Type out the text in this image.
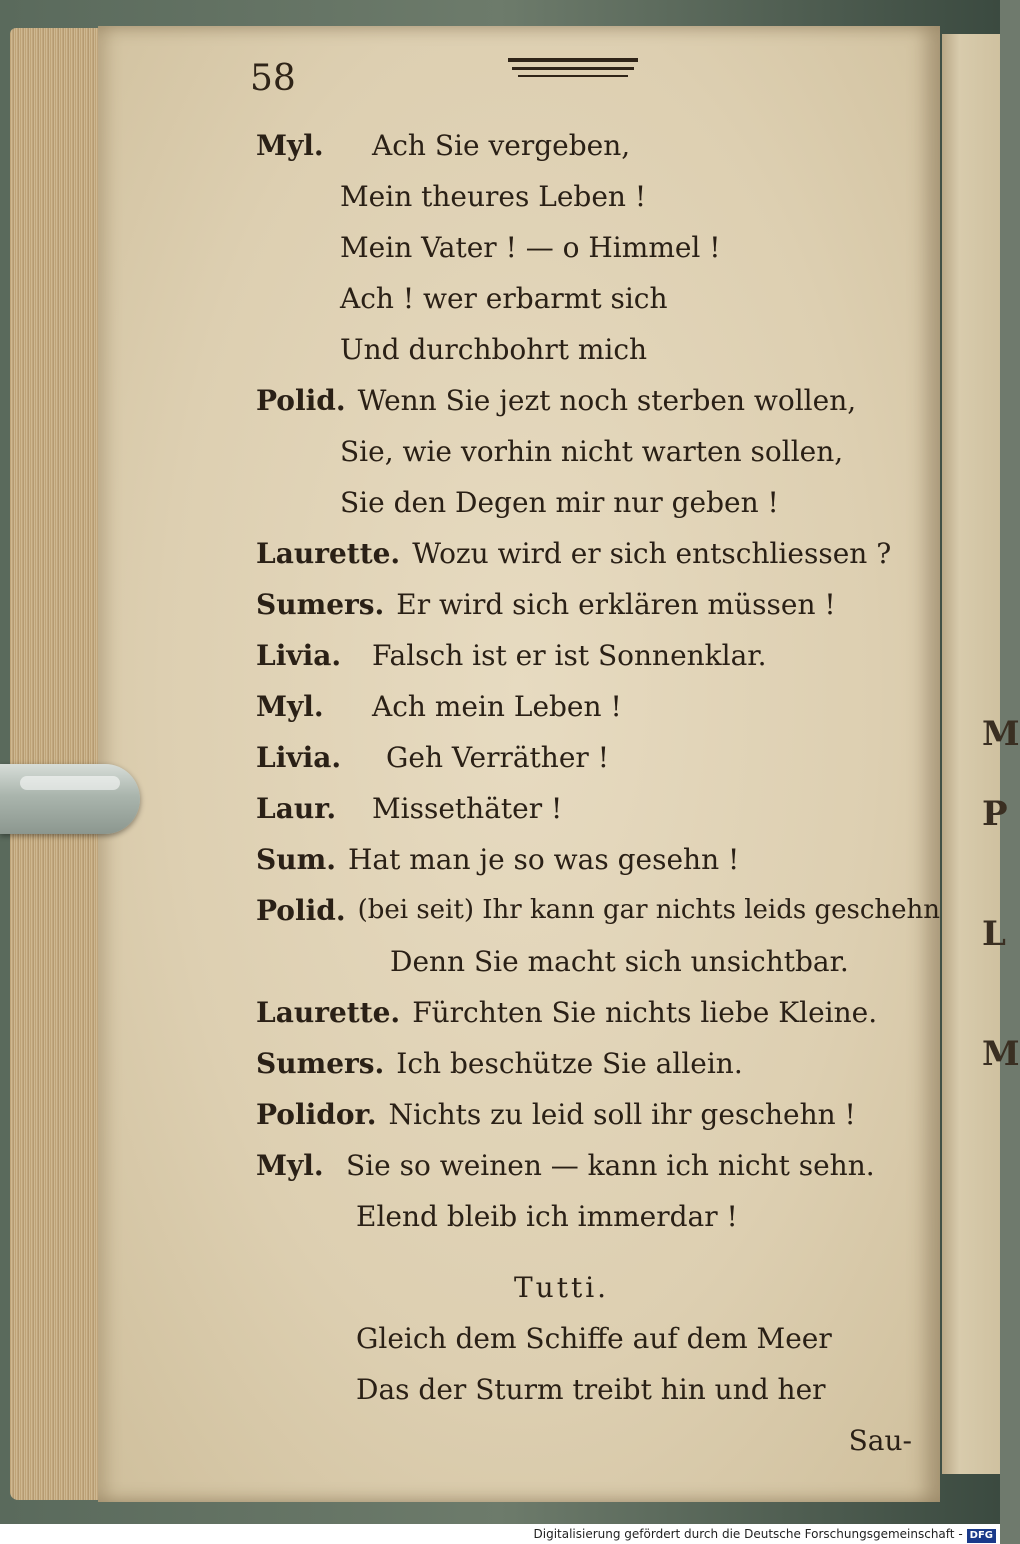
M
P
L
M
58
Myl.	Ach Sie vergeben,
Mein theures Leben !
Mein Vater ! — o Himmel !
Ach ! wer erbarmt sich
Und durchbohrt mich
Polid. Wenn Sie jezt noch sterben wollen,
Sie, wie vorhin nicht warten sollen,
Sie den Degen mir nur geben !
Laurette. Wozu wird er sich entschliessen ?
Sumers. Er wird sich erklären müssen !
Livia.	Falsch ist er ist Sonnenklar.
Myl.	Ach mein Leben !
Livia.	Geh Verräther !
Laur.	Missethäter !
Sum. Hat man je so was gesehn !
Polid. (bei seit) Ihr kann gar nichts leids geschehn
Denn Sie macht sich unsichtbar.
Laurette. Fürchten Sie nichts liebe Kleine.
Sumers. Ich beschütze Sie allein.
Polidor. Nichts zu leid soll ihr geschehn !
Myl. Sie so weinen — kann ich nicht sehn.
Elend bleib ich immerdar !
Tutti.
Gleich dem Schiffe auf dem Meer
Das der Sturm treibt hin und her
Sau-
Digitalisierung gefördert durch die Deutsche Forschungsgemeinschaft - DFG
